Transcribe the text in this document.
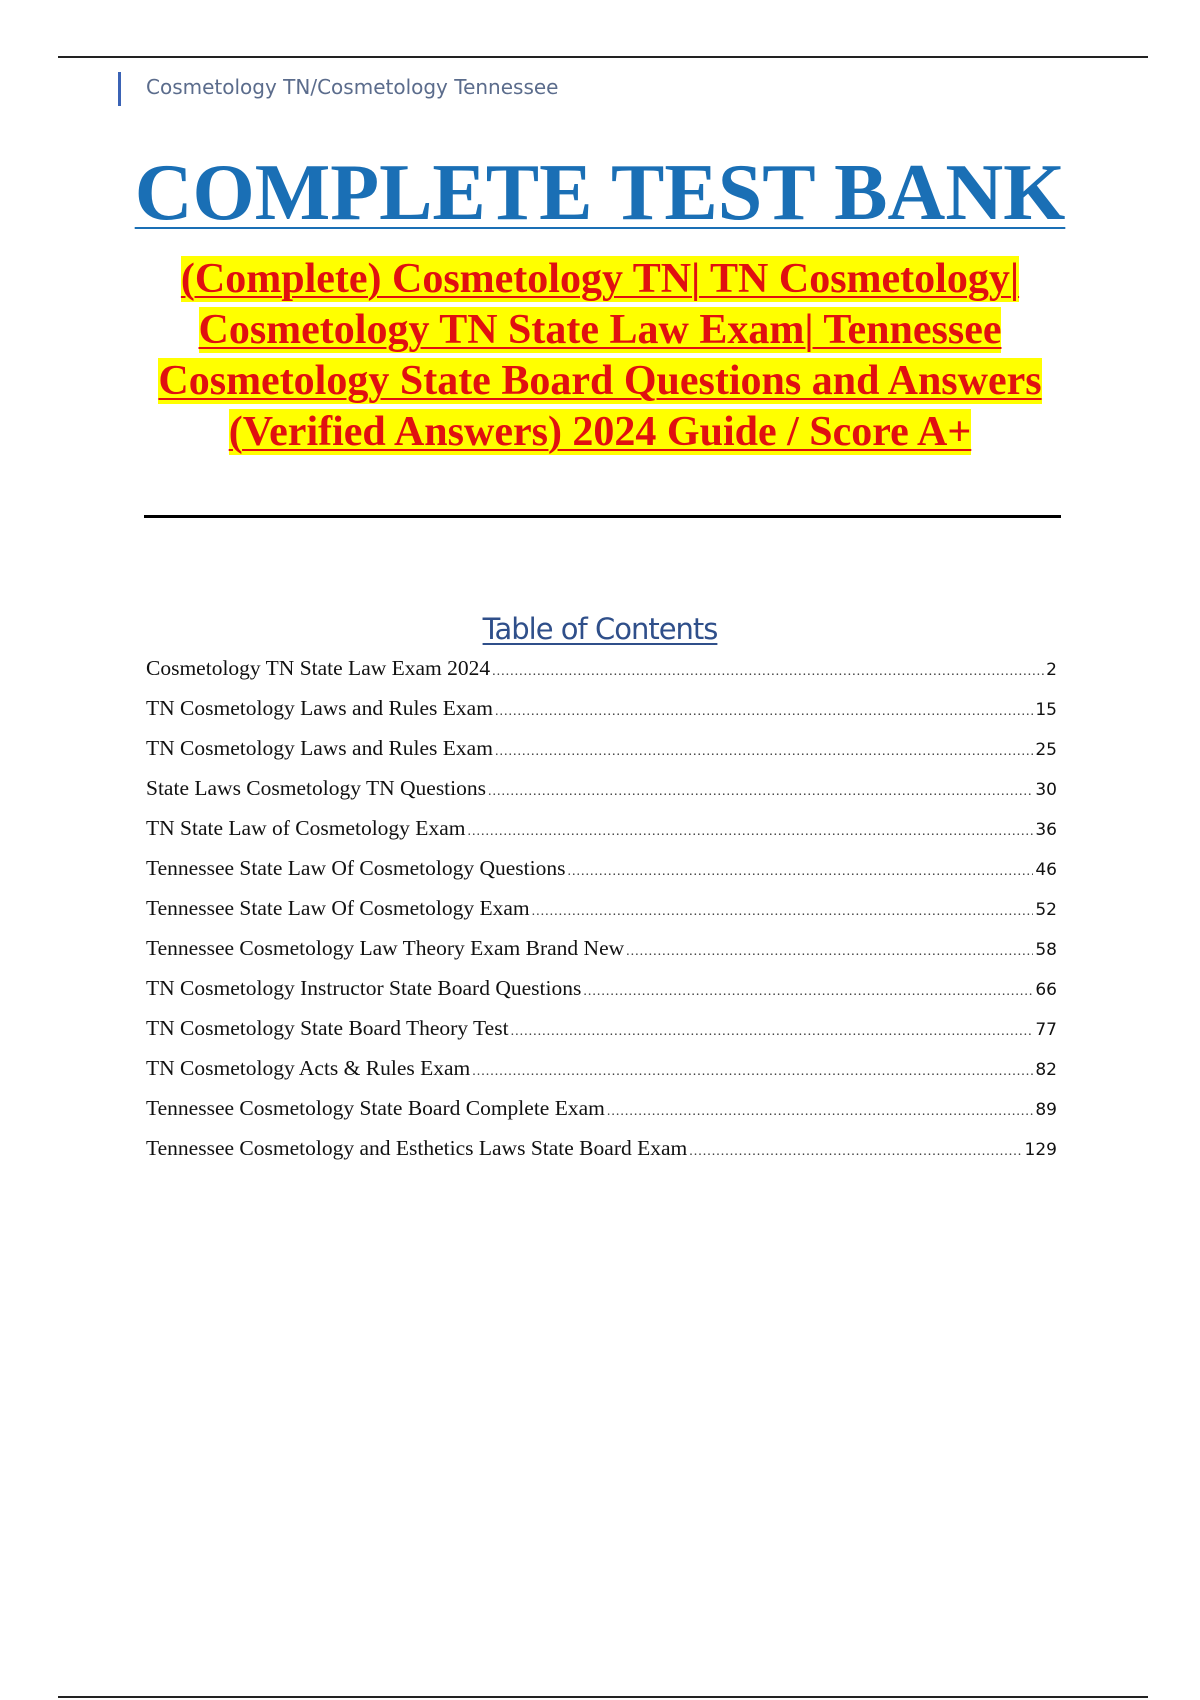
Cosmetology TN/Cosmetology Tennessee
COMPLETE TEST BANK
(Complete) Cosmetology TN| TN Cosmetology| Cosmetology TN State Law Exam| Tennessee Cosmetology State Board Questions and Answers (Verified Answers) 2024 Guide / Score A+
Table of Contents
Cosmetology TN State Law Exam 2024 .....	2
TN Cosmetology Laws and Rules Exam .....	15
TN Cosmetology Laws and Rules Exam .....	25
State Laws Cosmetology TN Questions .....	30
TN State Law of Cosmetology Exam .....	36
Tennessee State Law Of Cosmetology Questions .....	46
Tennessee State Law Of Cosmetology Exam .....	52
Tennessee Cosmetology Law Theory Exam Brand New .....	58
TN Cosmetology Instructor State Board Questions .....	66
TN Cosmetology State Board Theory Test .....	77
TN Cosmetology Acts & Rules Exam .....	82
Tennessee Cosmetology State Board Complete Exam .....	89
Tennessee Cosmetology and Esthetics Laws State Board Exam .....	129
